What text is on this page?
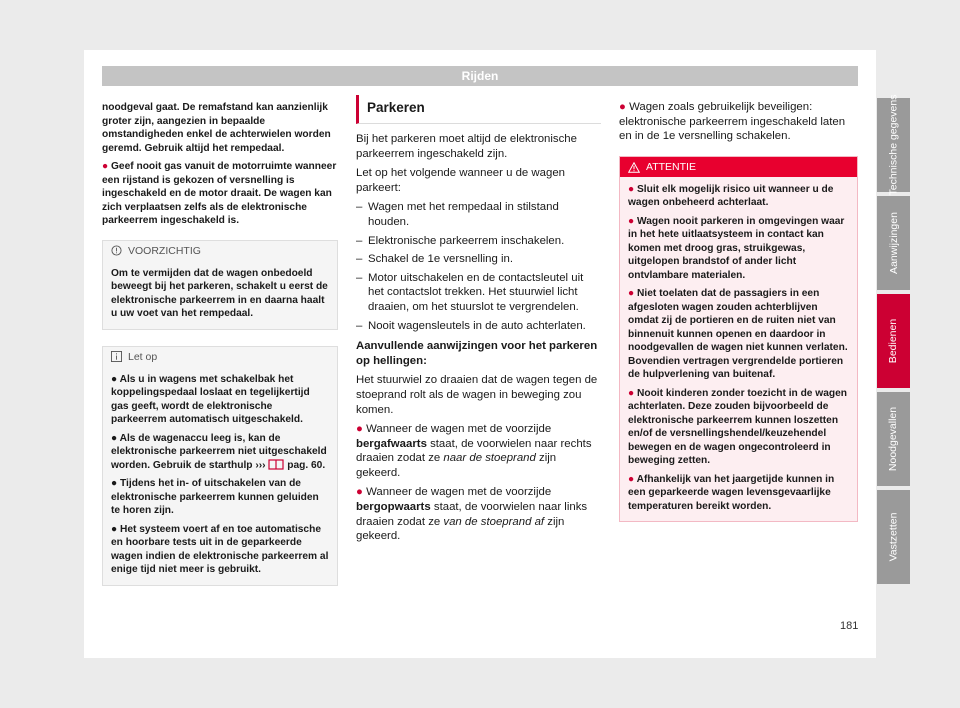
Rijden

noodgeval gaat. De remafstand kan aanzienlijk groter zijn, aangezien in bepaalde omstandigheden enkel de achterwielen worden geremd. Gebruik altijd het rempedaal.

● Geef nooit gas vanuit de motorruimte wanneer een rijstand is gekozen of versnelling is ingeschakeld en de motor draait. De wagen kan zich verplaatsen zelfs als de elektronische parkeerrem ingeschakeld is.

VOORZICHTIG
Om te vermijden dat de wagen onbedoeld beweegt bij het parkeren, schakelt u eerst de elektronische parkeerrem in en daarna haalt u uw voet van het rempedaal.
Let op

● Als u in wagens met schakelbak het koppelingspedaal loslaat en tegelijkertijd gas geeft, wordt de elektronische parkeerrem automatisch uitgeschakeld.

● Als de wagenaccu leeg is, kan de elektronische parkeerrem niet uitgeschakeld worden. Gebruik de starthulp ››› pag. 60.

● Tijdens het in- of uitschakelen van de elektronische parkeerrem kunnen geluiden te horen zijn.

● Het systeem voert af en toe automatische en hoorbare tests uit in de geparkeerde wagen indien de elektronische parkeerrem al enige tijd niet meer is gebruikt.

Parkeren

Bij het parkeren moet altijd de elektronische parkeerrem ingeschakeld zijn.

Let op het volgende wanneer u de wagen parkeert:

– Wagen met het rempedaal in stilstand houden.
– Elektronische parkeerrem inschakelen.
– Schakel de 1e versnelling in.
– Motor uitschakelen en de contactsleutel uit het contactslot trekken. Het stuurwiel licht draaien, om het stuurslot te vergrendelen.
– Nooit wagensleutels in de auto achterlaten.

Aanvullende aanwijzingen voor het parkeren op hellingen:

Het stuurwiel zo draaien dat de wagen tegen de stoeprand rolt als de wagen in beweging zou komen.

● Wanneer de wagen met de voorzijde bergafwaarts staat, de voorwielen naar rechts draaien zodat ze naar de stoeprand zijn gekeerd.

● Wanneer de wagen met de voorzijde bergopwaarts staat, de voorwielen naar links draaien zodat ze van de stoeprand af zijn gekeerd.

● Wagen zoals gebruikelijk beveiligen: elektronische parkeerrem ingeschakeld laten en in de 1e versnelling schakelen.

ATTENTIE

● Sluit elk mogelijk risico uit wanneer u de wagen onbeheerd achterlaat.

● Wagen nooit parkeren in omgevingen waar in het hete uitlaatsysteem in contact kan komen met droog gras, struikgewas, uitgelopen brandstof of ander licht ontvlambare materialen.

● Niet toelaten dat de passagiers in een afgesloten wagen zouden achterblijven omdat zij de portieren en de ruiten niet van binnenuit kunnen openen en daardoor in noodgevallen de wagen niet kunnen verlaten. Bovendien vertragen vergrendelde portieren de hulpverlening van buitenaf.

● Nooit kinderen zonder toezicht in de wagen achterlaten. Deze zouden bijvoorbeeld de elektronische parkeerrem kunnen loszetten en/of de versnellingshendel/keuzehendel bewegen en de wagen ongecontroleerd in beweging zetten.

● Afhankelijk van het jaargetijde kunnen in een geparkeerde wagen levensgevaarlijke temperaturen bereikt worden.

Technische gegevens
Aanwijzingen
Bedienen
Noodgevallen
Vastzetten
181
